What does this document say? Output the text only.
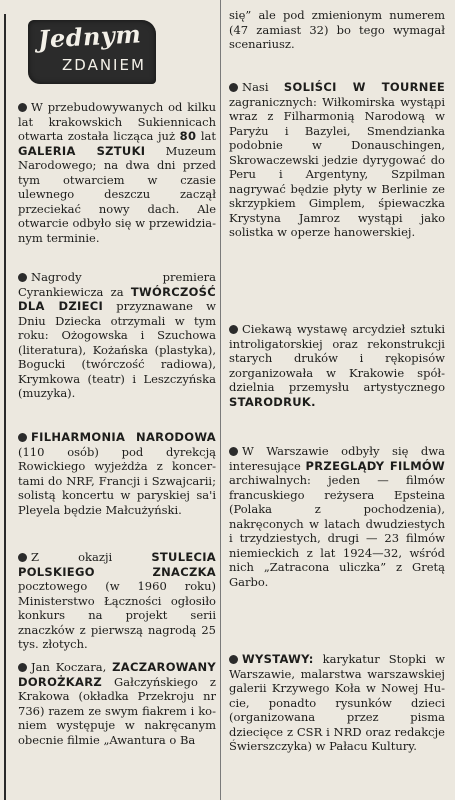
Jednym
ZDANIEM

W przebudowywanych od kilku lat krakowskich Sukiennicach otwarta została licząca już 80 lat GALERIA SZTUKI Muzeum Narodowego; na dwa dni przed tym otwarciem w czasie ulewnego deszczu zaczął przeciekać nowy dach. Ale otwarcie odbyło się w przewidzianym terminie.

Nagrody premiera Cyrankiewicza za TWÓRCZOŚĆ DLA DZIECI przyznawane w Dniu Dziecka otrzymali w tym roku: Ożogowska i Szuchowa (literatura), Kożańska (plastyka), Bogucki (twórczość radiowa), Krymkowa (teatr) i Leszczyńska (muzyka).

FILHARMONIA NARODOWA (110 osób) pod dyrekcją Rowickiego wyjeżdża z koncertami do NRF, Francji i Szwajcarii; solistą koncertu w paryskiej sa'i Pleyela będzie Małcużyński.

Z okazji STULECIA POLSKIEGO ZNACZKA pocztowego (w 1960 roku) Ministerstwo Łączności ogłosiło konkurs na projekt serii znaczków z pierwszą nagrodą 25 tys. złotych.

Jan Koczara, ZACZAROWANY DOROŻKARZ Gałczyńskiego z Krakowa (okładka Przekroju nr 736) razem ze swym fiakrem i koniem występuje w nakręcanym obecnie filmie „Awantura o Ba

się” ale pod zmienionym numerem (47 zamiast 32) bo tego wymagał scenariusz.

Nasi SOLIŚCI W TOURNEE zagranicznych: Wiłkomirska wystąpi wraz z Filharmonią Narodową w Paryżu i Bazylei, Smendzianka podobnie w Donauschingen, Skrowaczewski jedzie dyrygować do Peru i Argentyny, Szpilman nagrywać będzie płyty w Berlinie ze skrzypkiem Gimplem, śpiewaczka Krystyna Jamroz wystąpi jako solistka w operze hanowerskiej.

Ciekawą wystawę arcydzieł sztuki introligatorskiej oraz rekonstrukcji starych druków i rękopisów zorganizowała w Krakowie spółdzielnia przemysłu artystycznego STARODRUK.

W Warszawie odbyły się dwa interesujące PRZEGLĄDY FILMÓW archiwalnych: jeden — filmów francuskiego reżysera Epsteina (Polaka z pochodzenia), nakręconych w latach dwudziestych i trzydziestych, drugi — 23 filmów niemieckich z lat 1924—32, wśród nich „Zatracona uliczka” z Gretą Garbo.

WYSTAWY: karykatur Stopki w Warszawie, malarstwa warszawskiej galerii Krzywego Koła w Nowej Hucie, ponadto rysunków dzieci (organizowana przez pisma dziecięce z CSR i NRD oraz redakcje Świerszczyka) w Pałacu Kultury.
